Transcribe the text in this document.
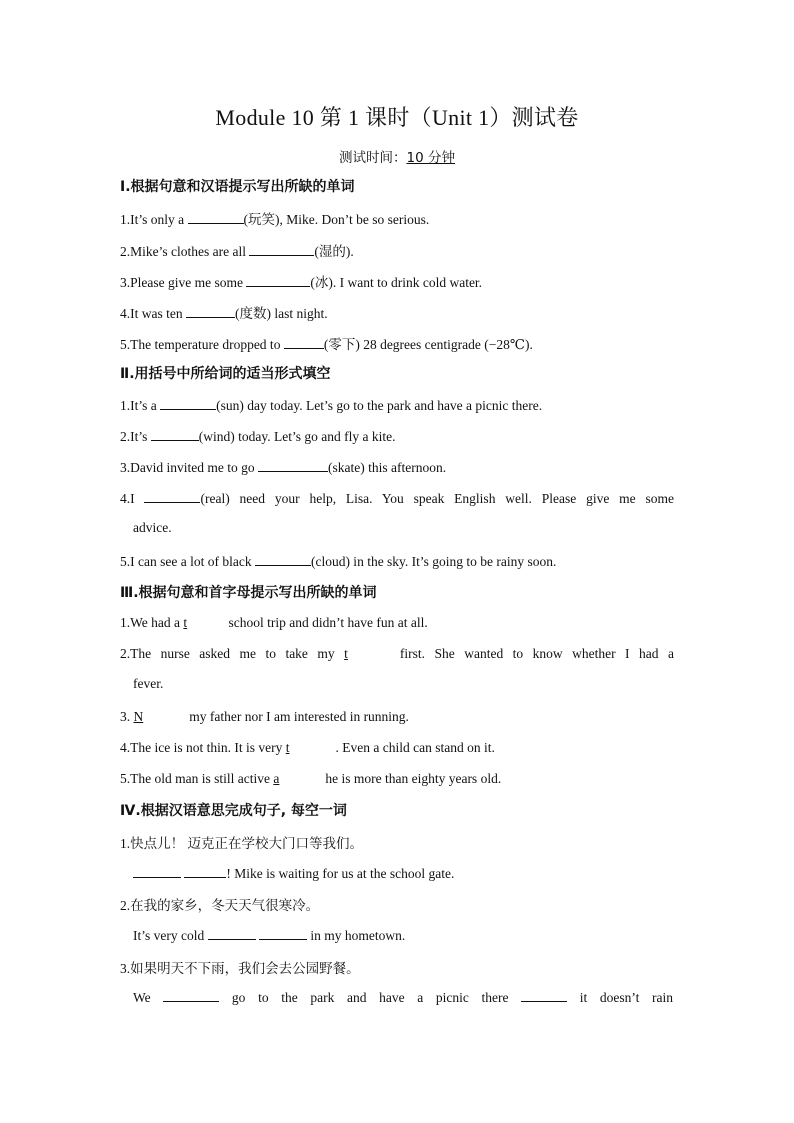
Module 10 第 1 课时（Unit 1）测试卷
测试时间：10 分钟
Ⅰ.根据句意和汉语提示写出所缺的单词
1.It’s only a	(玩笑), Mike. Don’t be so serious.
2.Mike’s clothes are all	(湿的).
3.Please give me some	(冰). I want to drink cold water.
4.It was ten	(度数) last night.
5.The temperature dropped to	(零下) 28 degrees centigrade (−28℃).
Ⅱ.用括号中所给词的适当形式填空
1.It’s a	(sun) day today. Let’s go to the park and have a picnic there.
2.It’s	(wind) today. Let’s go and fly a kite.
3.David invited me to go	(skate) this afternoon.
4.I	(real) need your help, Lisa. You speak English well. Please give me some
advice.
5.I can see a lot of black	(cloud) in the sky. It’s going to be rainy soon.
Ⅲ.根据句意和首字母提示写出所缺的单词
1.We had a t	school trip and didn’t have fun at all.
2.The nurse asked me to take my t	first. She wanted to know whether I had a
fever.
3. N	my father nor I am interested in running.
4.The ice is not thin. It is very t	. Even a child can stand on it.
5.The old man is still active a	he is more than eighty years old.
Ⅳ.根据汉语意思完成句子, 每空一词
1.快点儿！ 迈克正在学校大门口等我们。
! Mike is waiting for us at the school gate.
2.在我的家乡，冬天天气很寒冷。
It’s very cold	in my hometown.
3.如果明天不下雨，我们会去公园野餐。
We	go to the park and have a picnic there	it doesn’t rain
